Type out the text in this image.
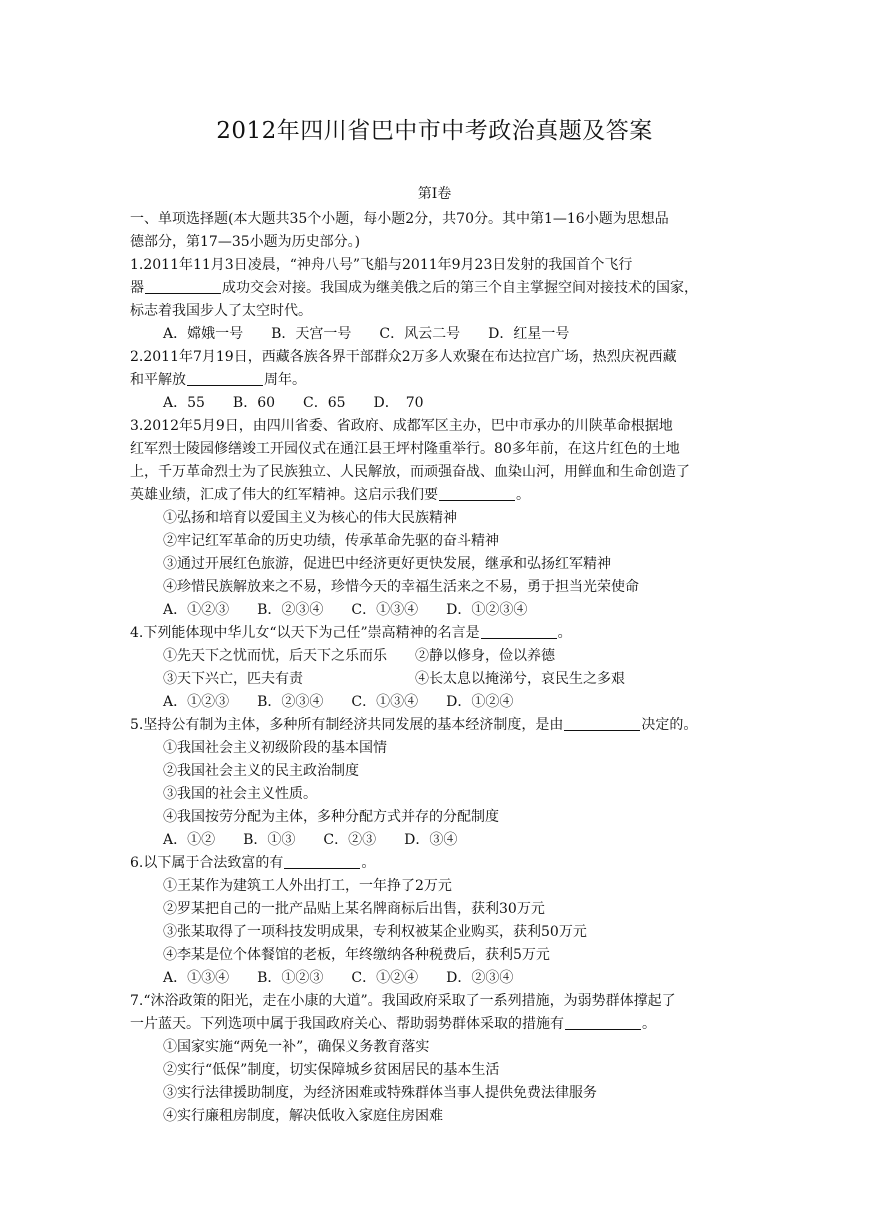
2012年四川省巴中市中考政治真题及答案
第Ⅰ卷
一、单项选择题(本大题共35个小题，每小题2分，共70分。其中第1—16小题为思想品
德部分，第17—35小题为历史部分。)
1.2011年11月3日凌晨，“神舟八号”飞船与2011年9月23日发射的我国首个飞行
器	成功交会对接。我国成为继美俄之后的第三个自主掌握空间对接技术的国家，
标志着我国步人了太空时代。
A．嫦娥一号　　B．天宫一号　　C．风云二号　　D．红星一号
2.2011年7月19日，西藏各族各界干部群众2万多人欢聚在布达拉宫广场，热烈庆祝西藏
和平解放	周年。
A．55　　B．60　　C．65　　D．　70
3.2012年5月9日，由四川省委、省政府、成都军区主办，巴中市承办的川陕革命根据地
红军烈士陵园修缮竣工开园仪式在通江县王坪村隆重举行。80多年前，在这片红色的土地
上，千万革命烈士为了民族独立、人民解放，而顽强奋战、血染山河，用鲜血和生命创造了
英雄业绩，汇成了伟大的红军精神。这启示我们要	。
①弘扬和培育以爱国主义为核心的伟大民族精神
②牢记红军革命的历史功绩，传承革命先驱的奋斗精神
③通过开展红色旅游，促进巴中经济更好更快发展，继承和弘扬红军精神
④珍惜民族解放来之不易，珍惜今天的幸福生活来之不易，勇于担当光荣使命
A．①②③　　B．②③④　　C．①③④　　D．①②③④
4.下列能体现中华儿女“以天下为己任”崇高精神的名言是	。
①先天下之忧而忧，后天下之乐而乐　　②静以修身，俭以养德
③天下兴亡，匹夫有责　　　　　　　　④长太息以掩涕兮，哀民生之多艰
A．①②③　　B．②③④　　C．①③④　　D．①②④
5.坚持公有制为主体，多种所有制经济共同发展的基本经济制度，是由	决定的。
①我国社会主义初级阶段的基本国情
②我国社会主义的民主政治制度
③我国的社会主义性质。
④我国按劳分配为主体，多种分配方式并存的分配制度
A．①②　　B．①③　　C．②③　　D．③④
6.以下属于合法致富的有	。
①王某作为建筑工人外出打工，一年挣了2万元
②罗某把自己的一批产品贴上某名牌商标后出售，获利30万元
③张某取得了一项科技发明成果，专利权被某企业购买，获利50万元
④李某是位个体餐馆的老板，年终缴纳各种税费后，获利5万元
A．①③④　　B．①②③　　C．①②④　　D．②③④
7.“沐浴政策的阳光，走在小康的大道”。我国政府采取了一系列措施，为弱势群体撑起了
一片蓝天。下列选项中属于我国政府关心、帮助弱势群体采取的措施有	。
①国家实施“两免一补”，确保义务教育落实
②实行“低保”制度，切实保障城乡贫困居民的基本生活
③实行法律援助制度，为经济困难或特殊群体当事人提供免费法律服务
④实行廉租房制度，解决低收入家庭住房困难
